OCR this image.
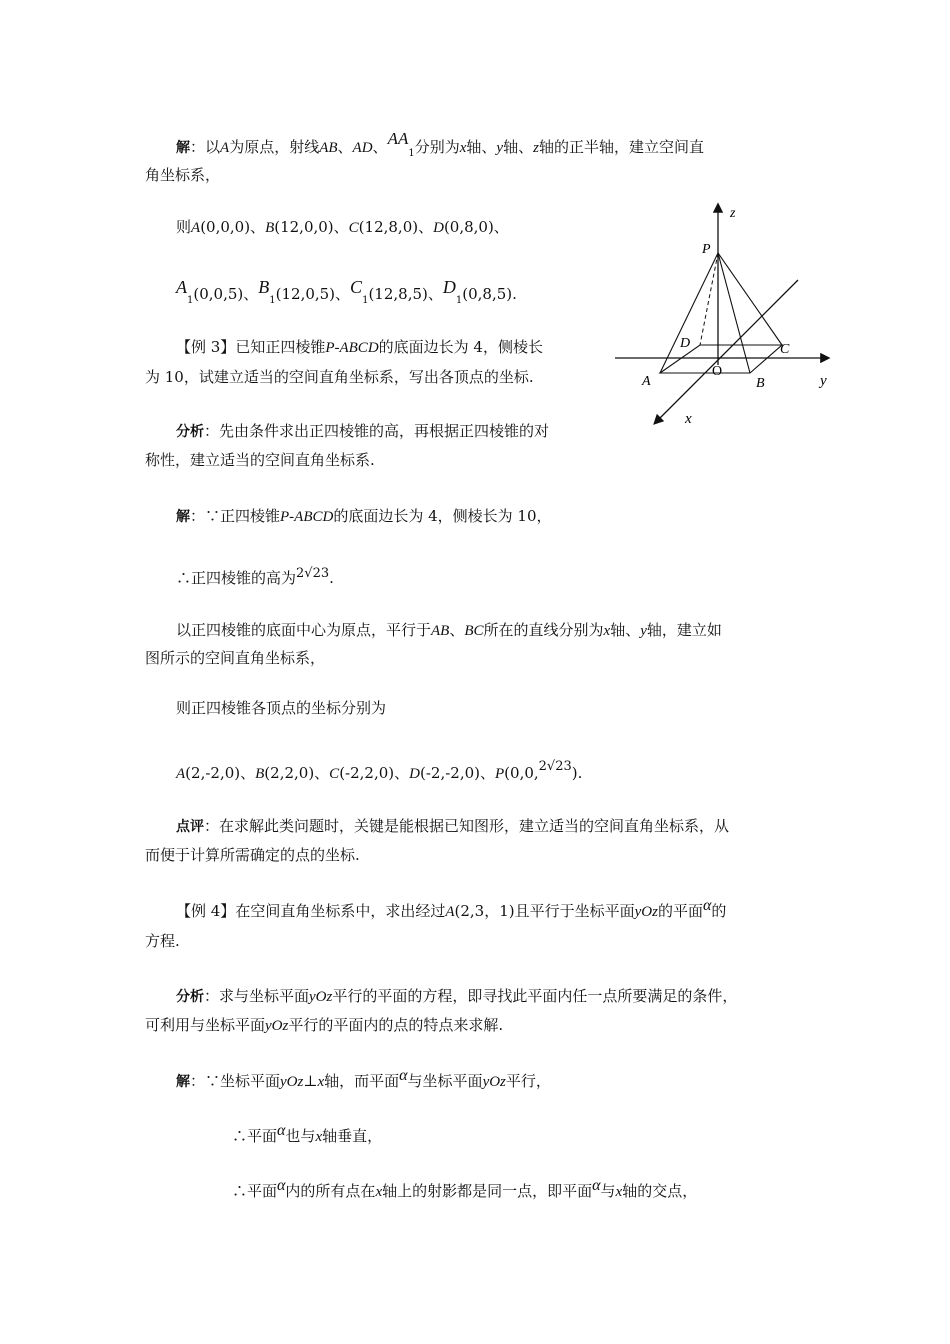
解：以A为原点，射线AB、AD、$AA_1$分别为x轴、y轴、z轴的正半轴，建立空间直
角坐标系，
则A(0,0,0)、B(12,0,0)、C(12,8,0)、D(0,8,0)、
$A_1(0,0,5)$、$B_1(12,0,5)$、$C_1(12,8,5)$、$D_1(0,8,5)$.
【例 3】已知正四棱锥P-ABCD的底面边长为 4，侧棱长
为 10，试建立适当的空间直角坐标系，写出各顶点的坐标.
分析：先由条件求出正四棱锥的高，再根据正四棱锥的对
称性，建立适当的空间直角坐标系.
z
P
D	C
A
O
B	y
x
解：∵正四棱锥P-ABCD的底面边长为 4，侧棱长为 10，
∴正四棱锥的高为2√23.
以正四棱锥的底面中心为原点，平行于AB、BC所在的直线分别为x轴、y轴，建立如
图所示的空间直角坐标系，
则正四棱锥各顶点的坐标分别为
A(2,-2,0)、B(2,2,0)、C(-2,2,0)、D(-2,-2,0)、P(0,0,2√23).
点评：在求解此类问题时，关键是能根据已知图形，建立适当的空间直角坐标系，从
而便于计算所需确定的点的坐标.
【例 4】在空间直角坐标系中，求出经过A(2,3，1)且平行于坐标平面yOz的平面α的
方程.
分析：求与坐标平面yOz平行的平面的方程，即寻找此平面内任一点所要满足的条件，
可利用与坐标平面yOz平行的平面内的点的特点来求解.
解：∵坐标平面yOz⊥x轴，而平面α与坐标平面yOz平行，
∴平面α也与x轴垂直，
∴平面α内的所有点在x轴上的射影都是同一点，即平面α与x轴的交点，
